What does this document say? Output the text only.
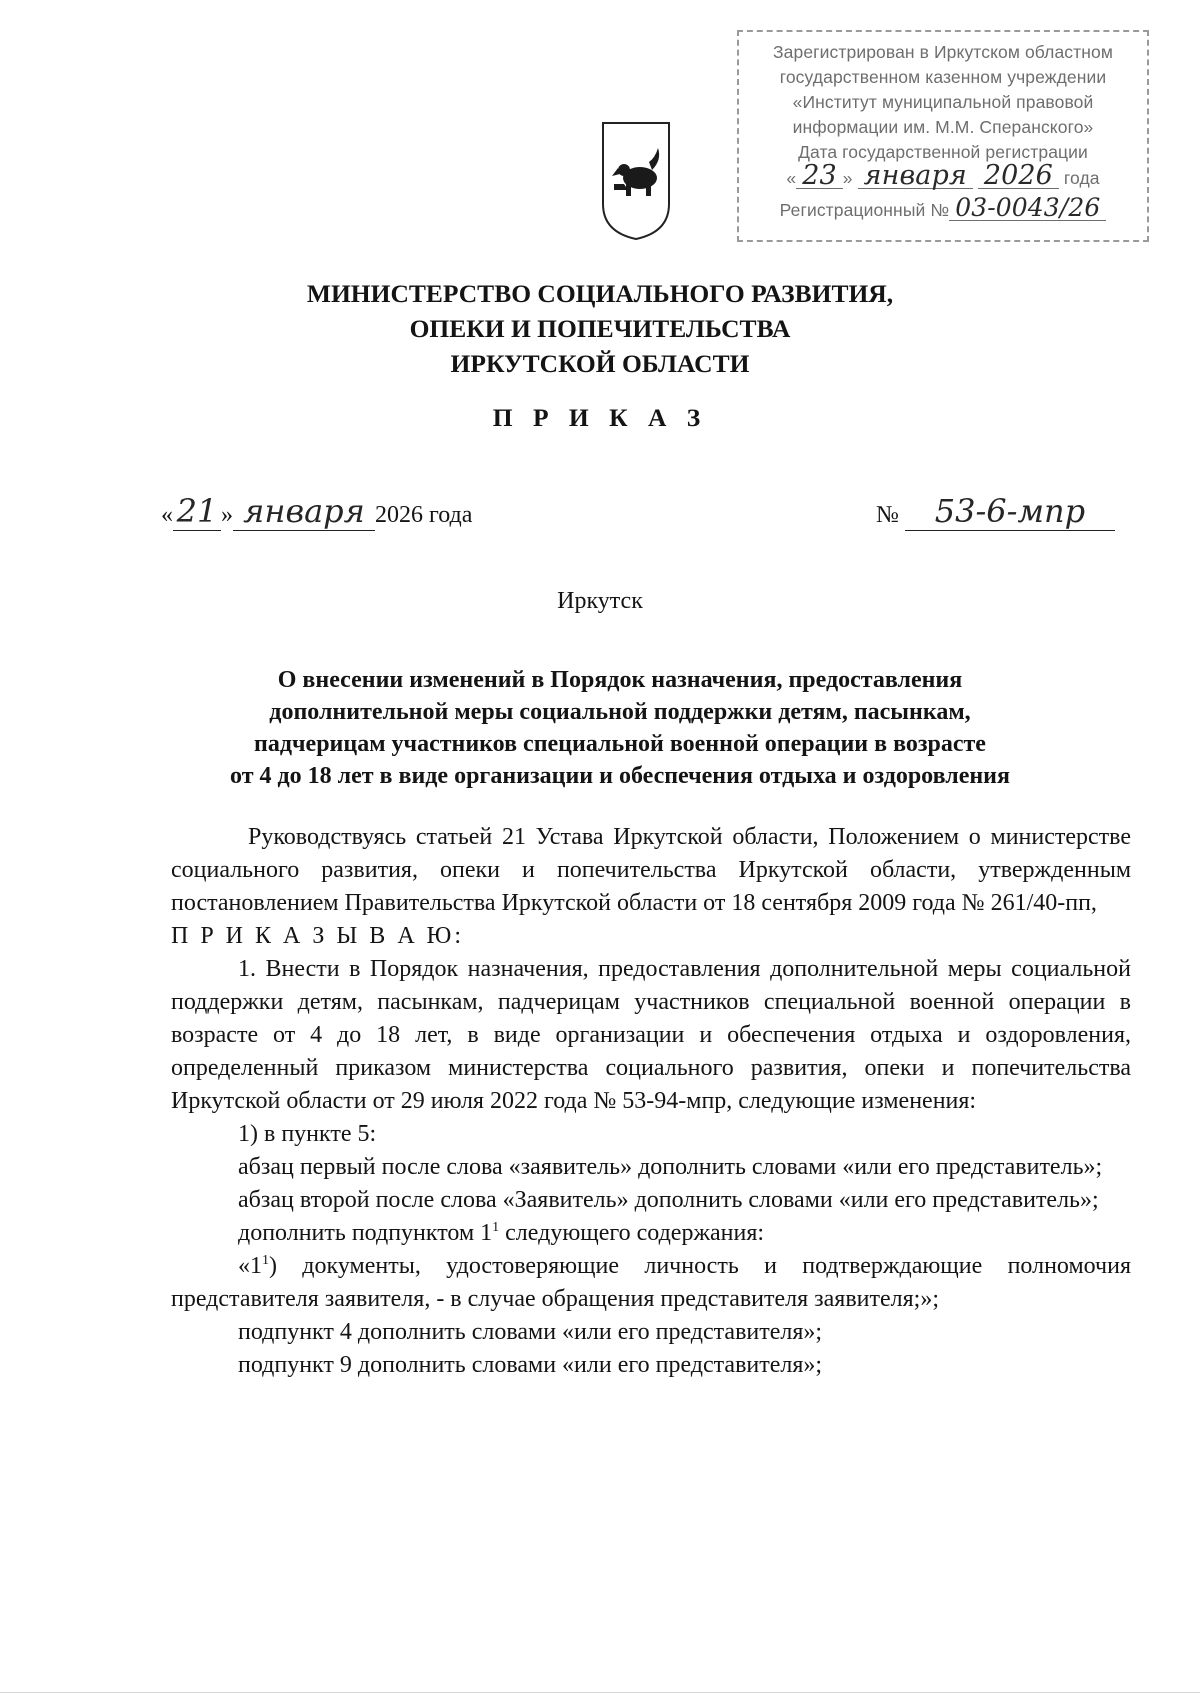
Зарегистрирован в Иркутском областном
государственном казенном учреждении
«Институт муниципальной правовой
информации им. М.М. Сперанского»
Дата государственной регистрации
« 23 » января 2026 года
Регистрационный № 03-0043/26
МИНИСТЕРСТВО СОЦИАЛЬНОГО РАЗВИТИЯ,
ОПЕКИ И ПОПЕЧИТЕЛЬСТВА
ИРКУТСКОЙ ОБЛАСТИ
П Р И К А З
« 21 » января 2026 года	№ 53-6-мпр
Иркутск
О внесении изменений в Порядок назначения, предоставления
дополнительной меры социальной поддержки детям, пасынкам,
падчерицам участников специальной военной операции в возрасте
от 4 до 18 лет в виде организации и обеспечения отдыха и оздоровления

Руководствуясь статьей 21 Устава Иркутской области, Положением о министерстве социального развития, опеки и попечительства Иркутской области, утвержденным постановлением Правительства Иркутской области от 18 сентября 2009 года № 261/40-пп,

П Р И К А З Ы В А Ю:

1. Внести в Порядок назначения, предоставления дополнительной меры социальной поддержки детям, пасынкам, падчерицам участников специальной военной операции в возрасте от 4 до 18 лет, в виде организации и обеспечения отдыха и оздоровления, определенный приказом министерства социального развития, опеки и попечительства Иркутской области от 29 июля 2022 года № 53-94-мпр, следующие изменения:

1) в пункте 5:

абзац первый после слова «заявитель» дополнить словами «или его представитель»;

абзац второй после слова «Заявитель» дополнить словами «или его представитель»;

дополнить подпунктом $1^1$ следующего содержания:

«$1^1$) документы, удостоверяющие личность и подтверждающие полномочия представителя заявителя, - в случае обращения представителя заявителя;»;

подпункт 4 дополнить словами «или его представителя»;

подпункт 9 дополнить словами «или его представителя»;
